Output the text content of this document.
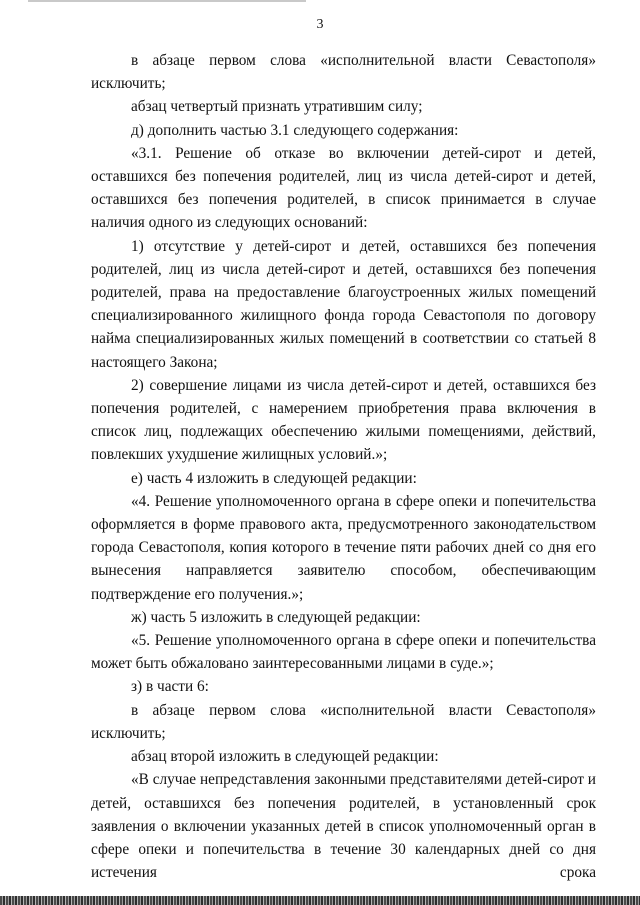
3

в абзаце первом слова «исполнительной власти Севастополя» исключить;

абзац четвертый признать утратившим силу;

д) дополнить частью 3.1 следующего содержания:

«3.1. Решение об отказе во включении детей-сирот и детей, оставшихся без попечения родителей, лиц из числа детей-сирот и детей, оставшихся без попечения родителей, в список принимается в случае наличия одного из следующих оснований:

1) отсутствие у детей-сирот и детей, оставшихся без попечения родителей, лиц из числа детей-сирот и детей, оставшихся без попечения родителей, права на предоставление благоустроенных жилых помещений специализированного жилищного фонда города Севастополя по договору найма специализированных жилых помещений в соответствии со статьей 8 настоящего Закона;

2) совершение лицами из числа детей-сирот и детей, оставшихся без попечения родителей, с намерением приобретения права включения в список лиц, подлежащих обеспечению жилыми помещениями, действий, повлекших ухудшение жилищных условий.»;

е) часть 4 изложить в следующей редакции:

«4. Решение уполномоченного органа в сфере опеки и попечительства оформляется в форме правового акта, предусмотренного законодательством города Севастополя, копия которого в течение пяти рабочих дней со дня его вынесения направляется заявителю способом, обеспечивающим подтверждение его получения.»;

ж) часть 5 изложить в следующей редакции:

«5. Решение уполномоченного органа в сфере опеки и попечительства может быть обжаловано заинтересованными лицами в суде.»;

з) в части 6:

в абзаце первом слова «исполнительной власти Севастополя» исключить;

абзац второй изложить в следующей редакции:

«В случае непредставления законными представителями детей-сирот и детей, оставшихся без попечения родителей, в установленный срок заявления о включении указанных детей в список уполномоченный орган в сфере опеки и попечительства в течение 30 календарных дней со дня истечения срока
